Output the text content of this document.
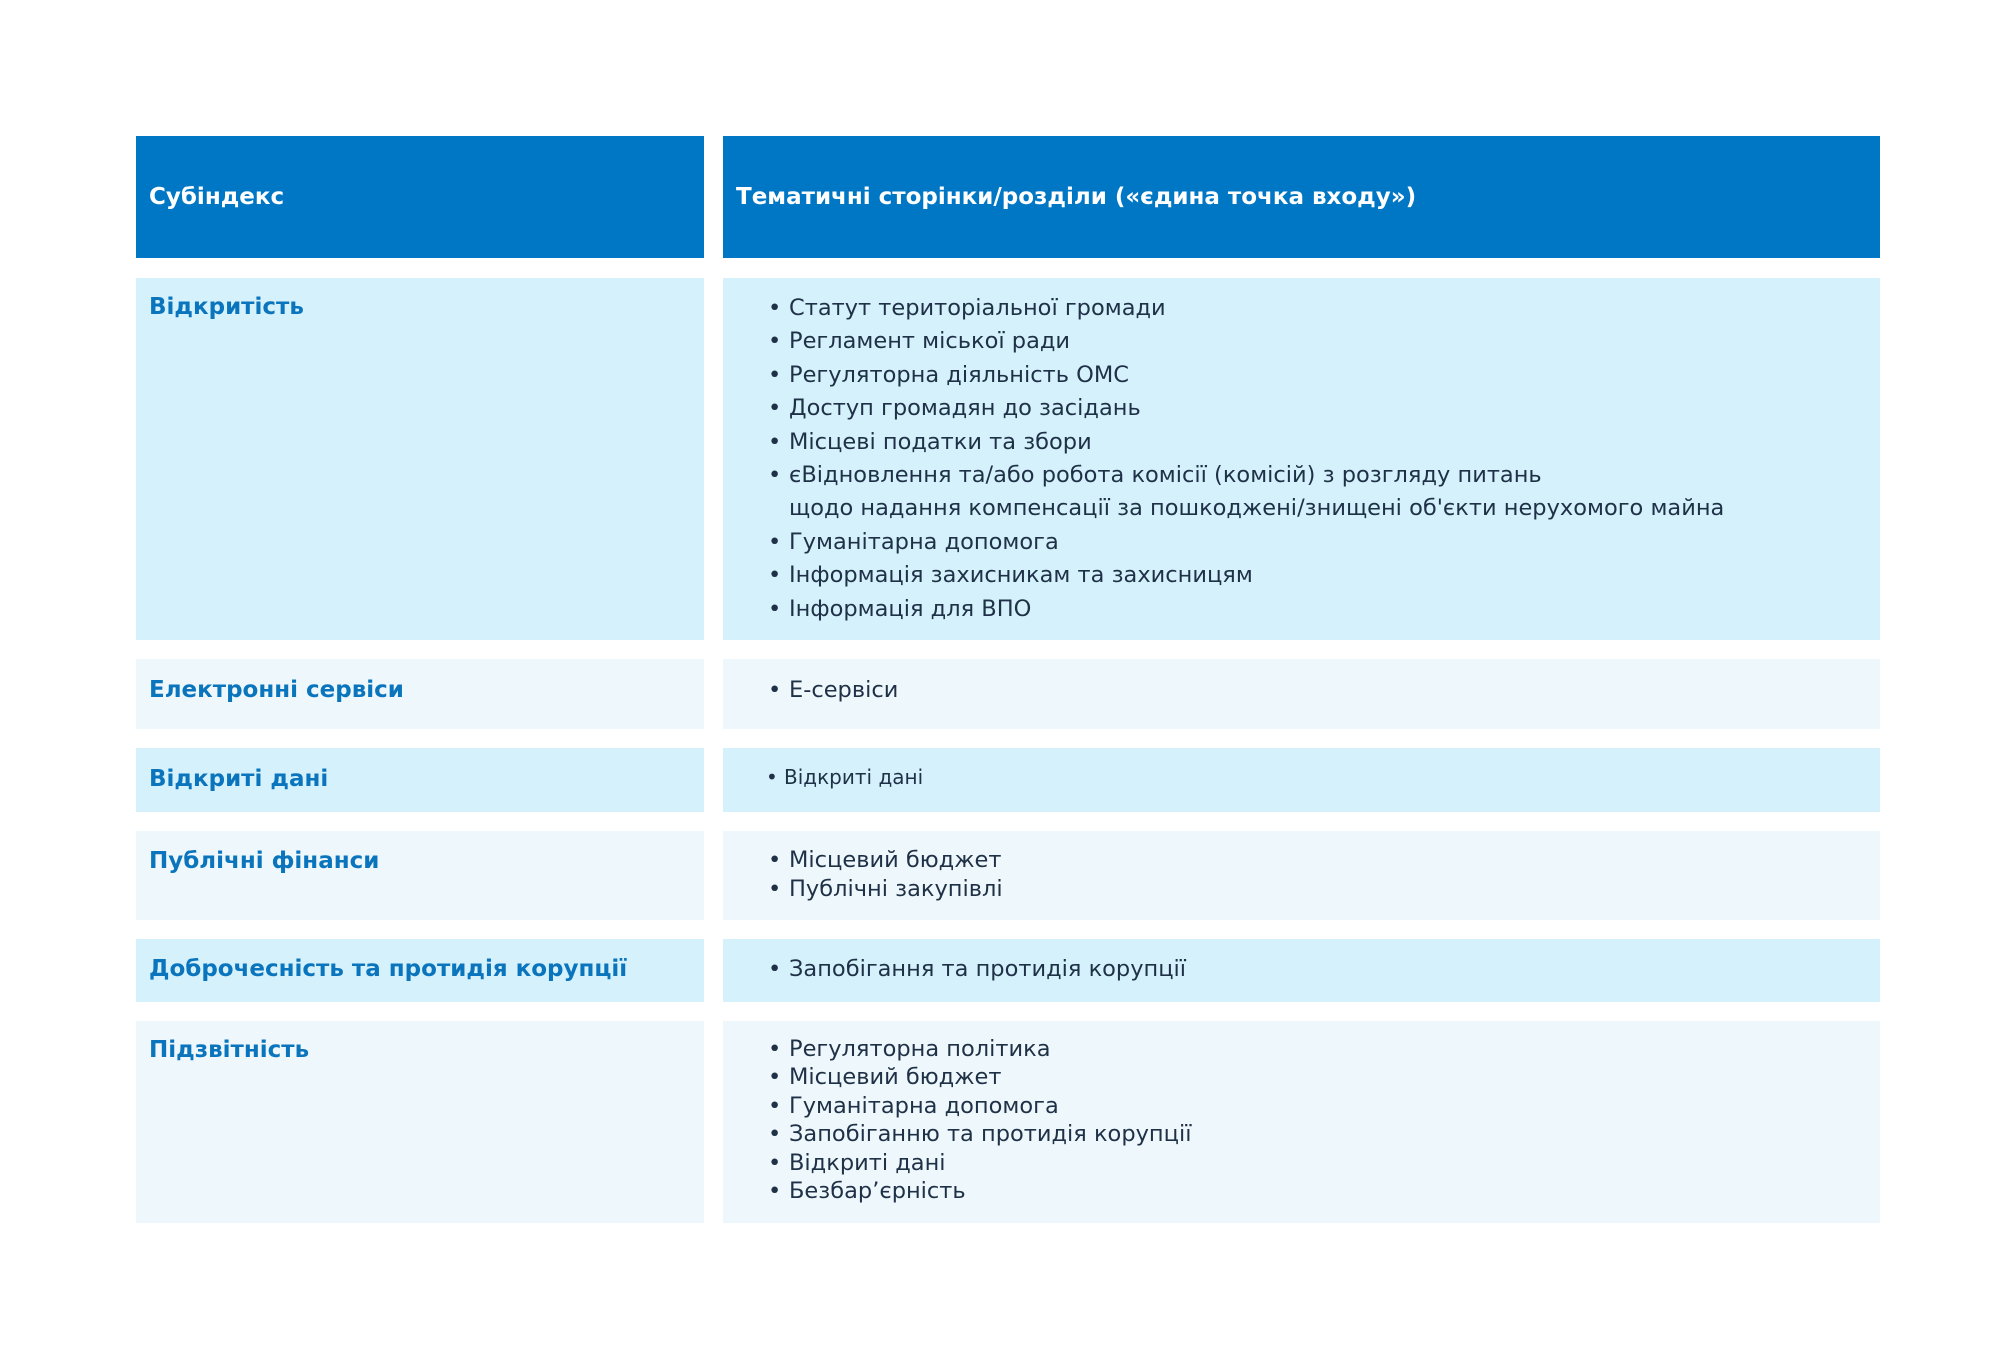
Субіндекс	Тематичні сторінки/розділи («єдина точка входу»)
Відкритість	• Статут територіальної громади
• Регламент міської ради
• Регуляторна діяльність ОМС
• Доступ громадян до засідань
• Місцеві податки та збори
• єВідновлення та/або робота комісії (комісій) з розгляду питань
щодо надання компенсації за пошкоджені/знищені об'єкти нерухомого майна
• Гуманітарна допомога
• Інформація захисникам та захисницям
• Інформація для ВПО
Електронні сервіси	• Е-сервіси
Відкриті дані	• Відкриті дані
Публічні фінанси	• Місцевий бюджет
• Публічні закупівлі
Доброчесність та протидія корупції	• Запобігання та протидія корупції
Підзвітність	• Регуляторна політика
• Місцевий бюджет
• Гуманітарна допомога
• Запобіганню та протидія корупції
• Відкриті дані
• Безбар’єрність
